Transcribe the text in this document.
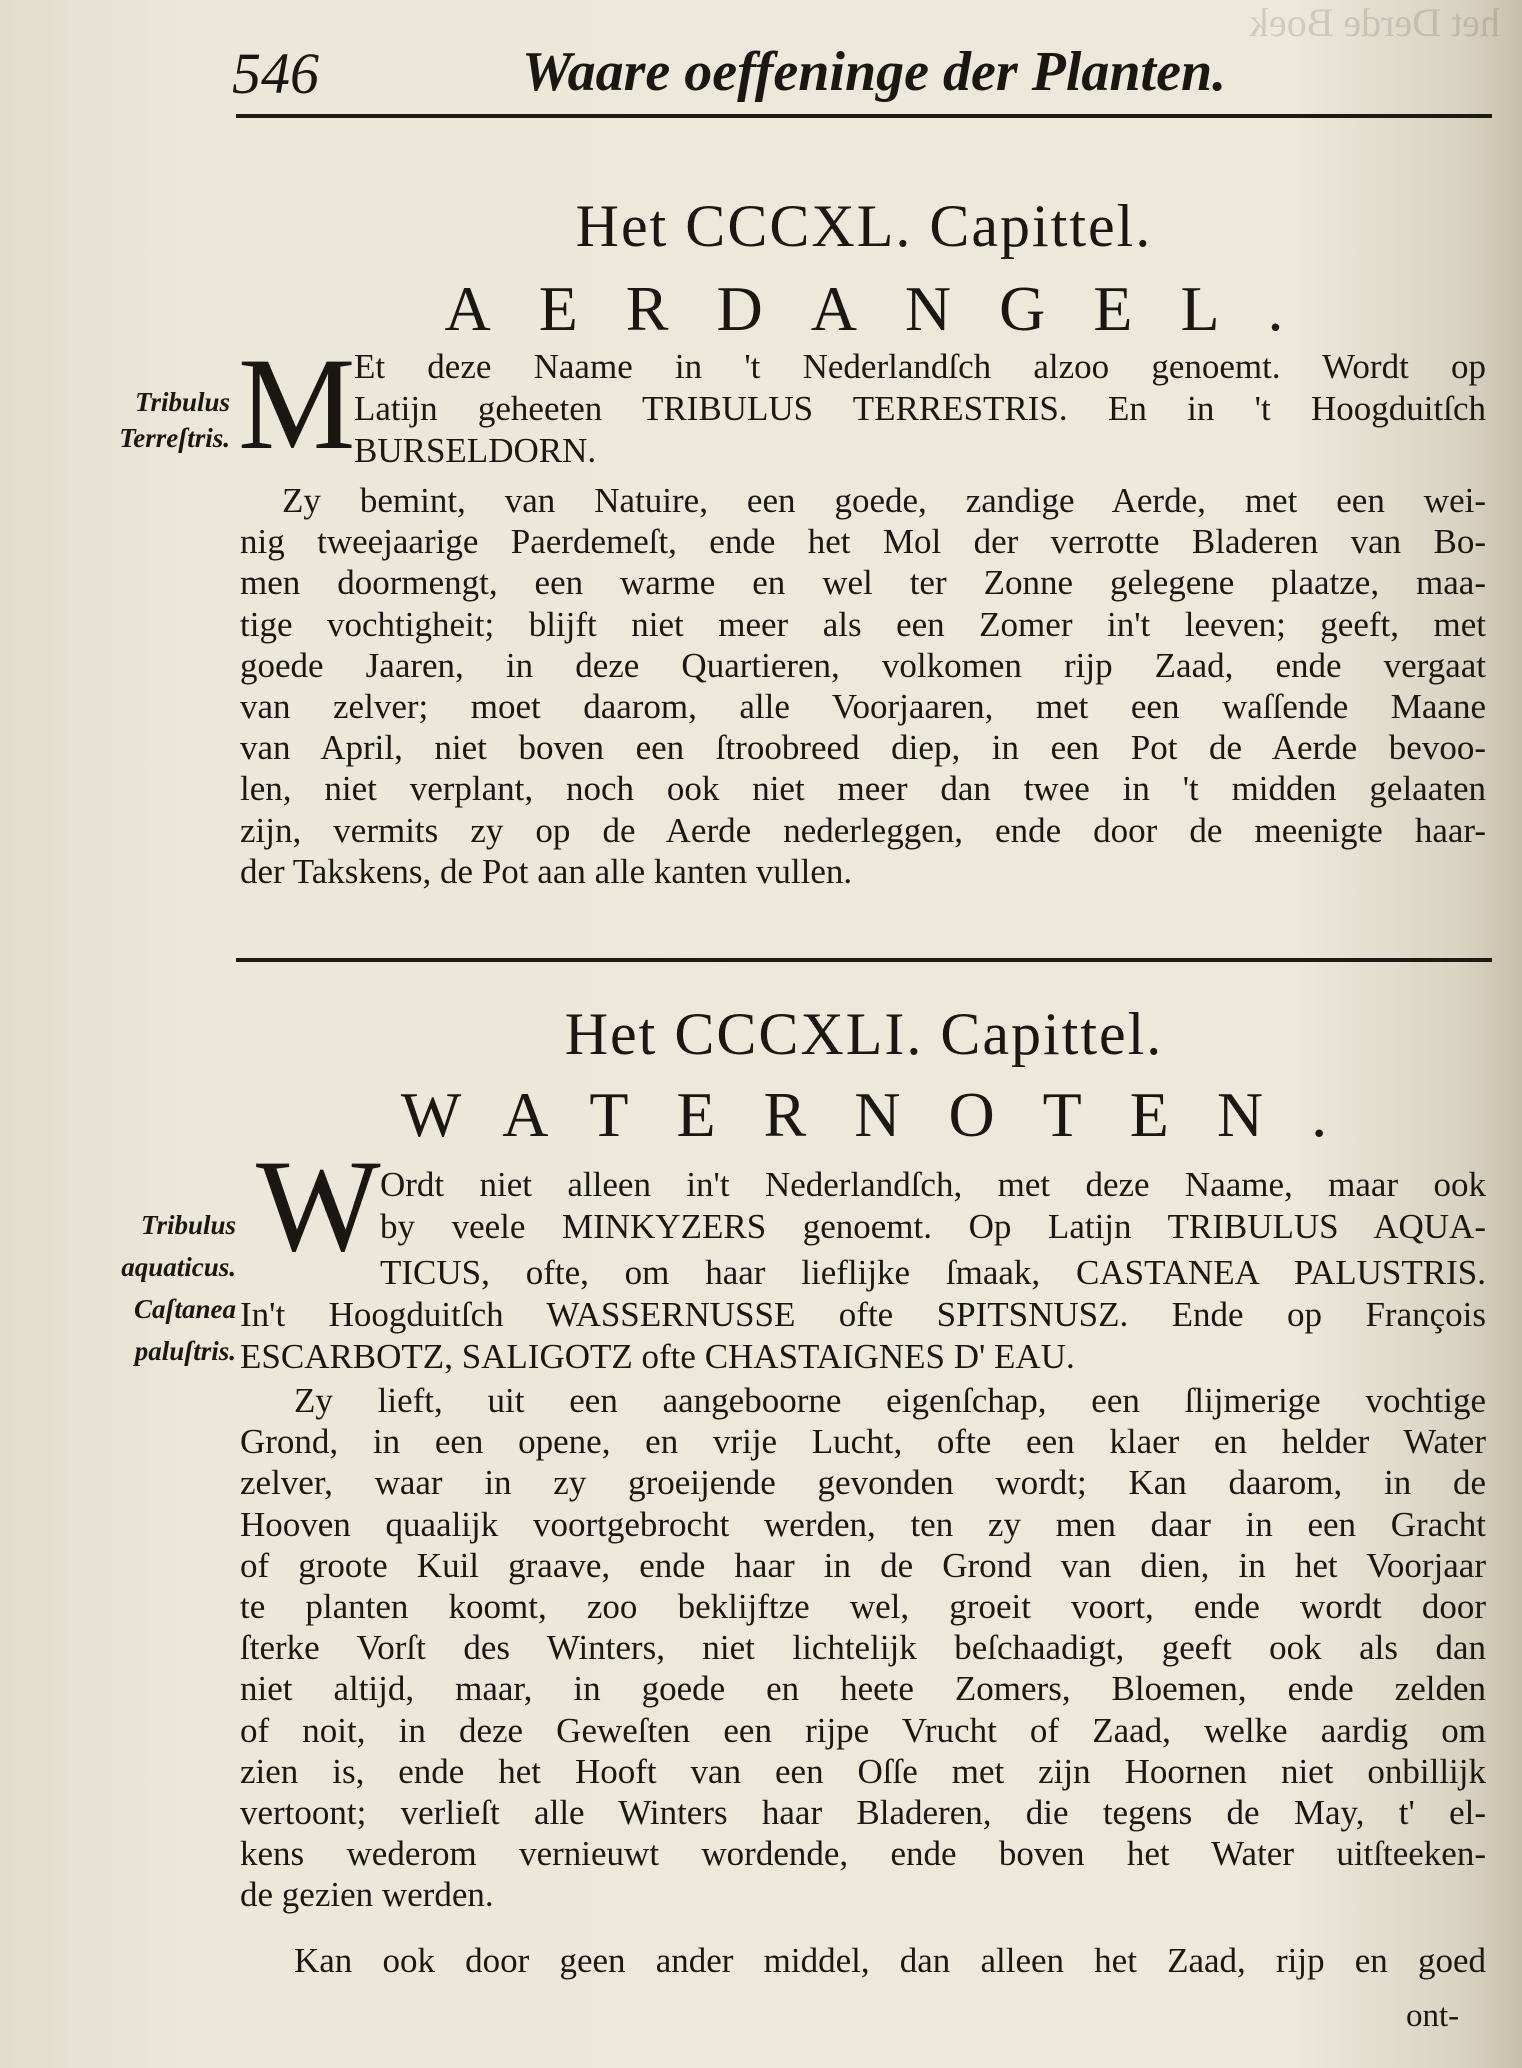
het Derde Boek
546	Waare oeffeninge der Planten.
Het CCCXL. Capittel.
AERDANGEL.
M
Et deze Naame in 't Nederlandſch alzoo genoemt. Wordt op
Latijn geheeten TRIBULUS TERRESTRIS. En in 't Hoogduitſch
BURSELDORN.
Tribulus
Terreſtris.
Zy bemint, van Natuire, een goede, zandige Aerde, met een wei-
nig tweejaarige Paerdemeſt, ende het Mol der verrotte Bladeren van Bo-
men doormengt, een warme en wel ter Zonne gelegene plaatze, maa-
tige vochtigheit; blijft niet meer als een Zomer in't leeven; geeft, met
goede Jaaren, in deze Quartieren, volkomen rijp Zaad, ende vergaat
van zelver; moet daarom, alle Voorjaaren, met een waſſende Maane
van April, niet boven een ſtroobreed diep, in een Pot de Aerde bevoo-
len, niet verplant, noch ook niet meer dan twee in 't midden gelaaten
zijn, vermits zy op de Aerde nederleggen, ende door de meenigte haar-
der Takskens, de Pot aan alle kanten vullen.
Het CCCXLI. Capittel.
WATERNOTEN.
W Ordt niet alleen in't Nederlandſch, met deze Naame, maar ook
by veele MINKYZERS genoemt. Op Latijn TRIBULUS AQUA-
Tribulus
aquaticus.
Caſtanea
paluſtris.
TICUS, ofte, om haar lieflijke ſmaak, CASTANEA PALUSTRIS.
In't Hoogduitſch WASSERNUSSE ofte SPITSNUSZ. Ende op François
ESCARBOTZ, SALIGOTZ ofte CHASTAIGNES D' EAU.
Zy lieft, uit een aangeboorne eigenſchap, een ſlijmerige vochtige
Grond, in een opene, en vrije Lucht, ofte een klaer en helder Water
zelver, waar in zy groeijende gevonden wordt; Kan daarom, in de
Hooven quaalijk voortgebrocht werden, ten zy men daar in een Gracht
of groote Kuil graave, ende haar in de Grond van dien, in het Voorjaar
te planten koomt, zoo beklijftze wel, groeit voort, ende wordt door
ſterke Vorſt des Winters, niet lichtelijk beſchaadigt, geeft ook als dan
niet altijd, maar, in goede en heete Zomers, Bloemen, ende zelden
of noit, in deze Geweſten een rijpe Vrucht of Zaad, welke aardig om
zien is, ende het Hooft van een Oſſe met zijn Hoornen niet onbillijk
vertoont; verlieſt alle Winters haar Bladeren, die tegens de May, t' el-
kens wederom vernieuwt wordende, ende boven het Water uitſteeken-
de gezien werden.
Kan ook door geen ander middel, dan alleen het Zaad, rijp en goed
ont-
